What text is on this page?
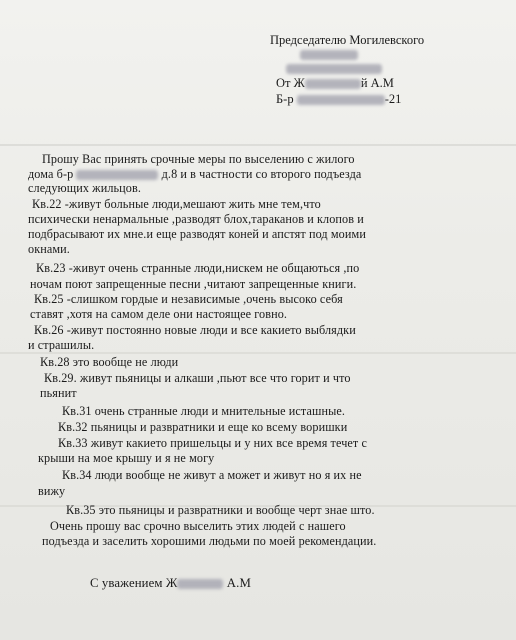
Председателю Могилевского
От Ж	й А.М
Б-р	-21
Прошу Вас принять срочные меры по выселению с жилого
дома б-р	д.8 и в частности со второго подъезда
следующих жильцов.
Кв.22 -живут больные люди,мешают жить мне тем,что
психически ненармальные ,разводят блох,тараканов и клопов и
подбрасывают их мне.и еще разводят коней и апстят под моими
окнами.
Кв.23 -живут очень странные люди,нискем не общаються ,по
ночам поют запрещенные песни ,читают запрещенные книги.
Кв.25 -слишком гордые и независимые ,очень высоко себя
ставят ,хотя на самом деле они настоящее говно.
Кв.26 -живут постоянно новые люди и все какието выблядки
и страшилы.
Кв.28 это вообще не люди
Кв.29. живут пьяницы и алкаши ,пьют все что горит и что
пьянит
Кв.31 очень странные люди и мнительные исташные.
Кв.32 пьяницы и развратники и еще ко всему воришки
Кв.33 живут какието пришельцы и у них все время течет с
крыши на мое крышу и я не могу
Кв.34 люди вообще не живут а может и живут но я их не
вижу
Кв.35 это пьяницы и развратники и вообще черт знае што.
Очень прошу вас срочно выселить этих людей с нашего
подъезда и заселить хорошими людьми по моей рекомендации.
С уважением Ж	А.М
